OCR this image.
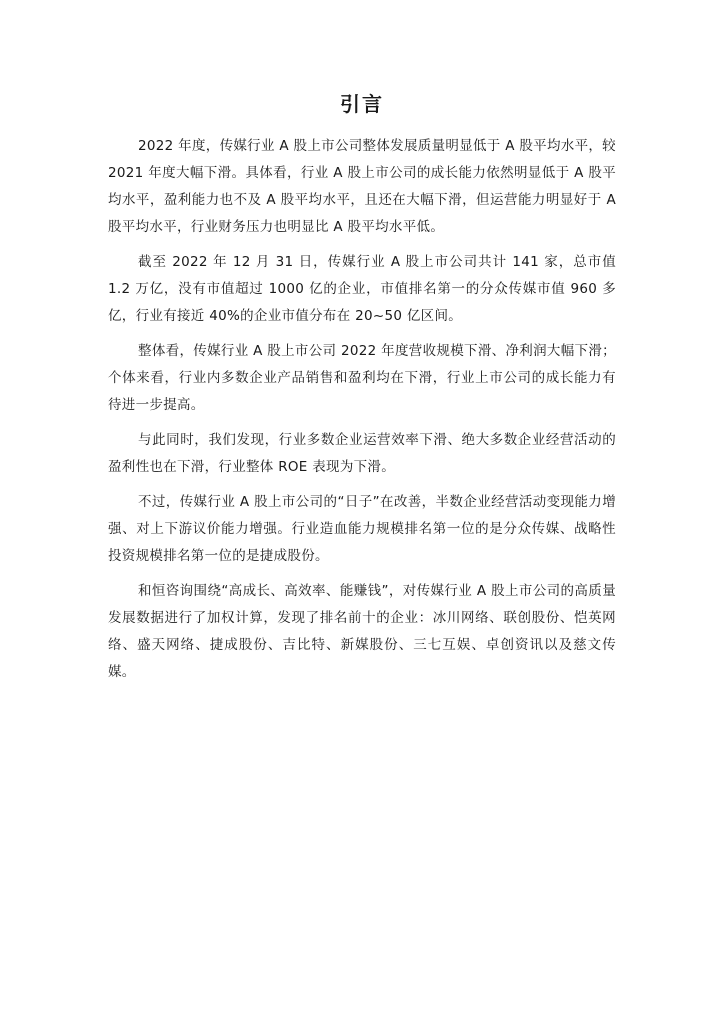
引言

2022 年度，传媒行业 A 股上市公司整体发展质量明显低于 A 股平均水平，较 2021 年度大幅下滑。具体看，行业 A 股上市公司的成长能力依然明显低于 A 股平均水平，盈利能力也不及 A 股平均水平，且还在大幅下滑，但运营能力明显好于 A 股平均水平，行业财务压力也明显比 A 股平均水平低。

截至 2022 年 12 月 31 日，传媒行业 A 股上市公司共计 141 家，总市值 1.2 万亿，没有市值超过 1000 亿的企业，市值排名第一的分众传媒市值 960 多亿，行业有接近 40%的企业市值分布在 20~50 亿区间。

整体看，传媒行业 A 股上市公司 2022 年度营收规模下滑、净利润大幅下滑；个体来看，行业内多数企业产品销售和盈利均在下滑，行业上市公司的成长能力有待进一步提高。

与此同时，我们发现，行业多数企业运营效率下滑、绝大多数企业经营活动的盈利性也在下滑，行业整体 ROE 表现为下滑。

不过，传媒行业 A 股上市公司的“日子”在改善，半数企业经营活动变现能力增强、对上下游议价能力增强。行业造血能力规模排名第一位的是分众传媒、战略性投资规模排名第一位的是捷成股份。

和恒咨询围绕“高成长、高效率、能赚钱”，对传媒行业 A 股上市公司的高质量发展数据进行了加权计算，发现了排名前十的企业：冰川网络、联创股份、恺英网络、盛天网络、捷成股份、吉比特、新媒股份、三七互娱、卓创资讯以及慈文传媒。
